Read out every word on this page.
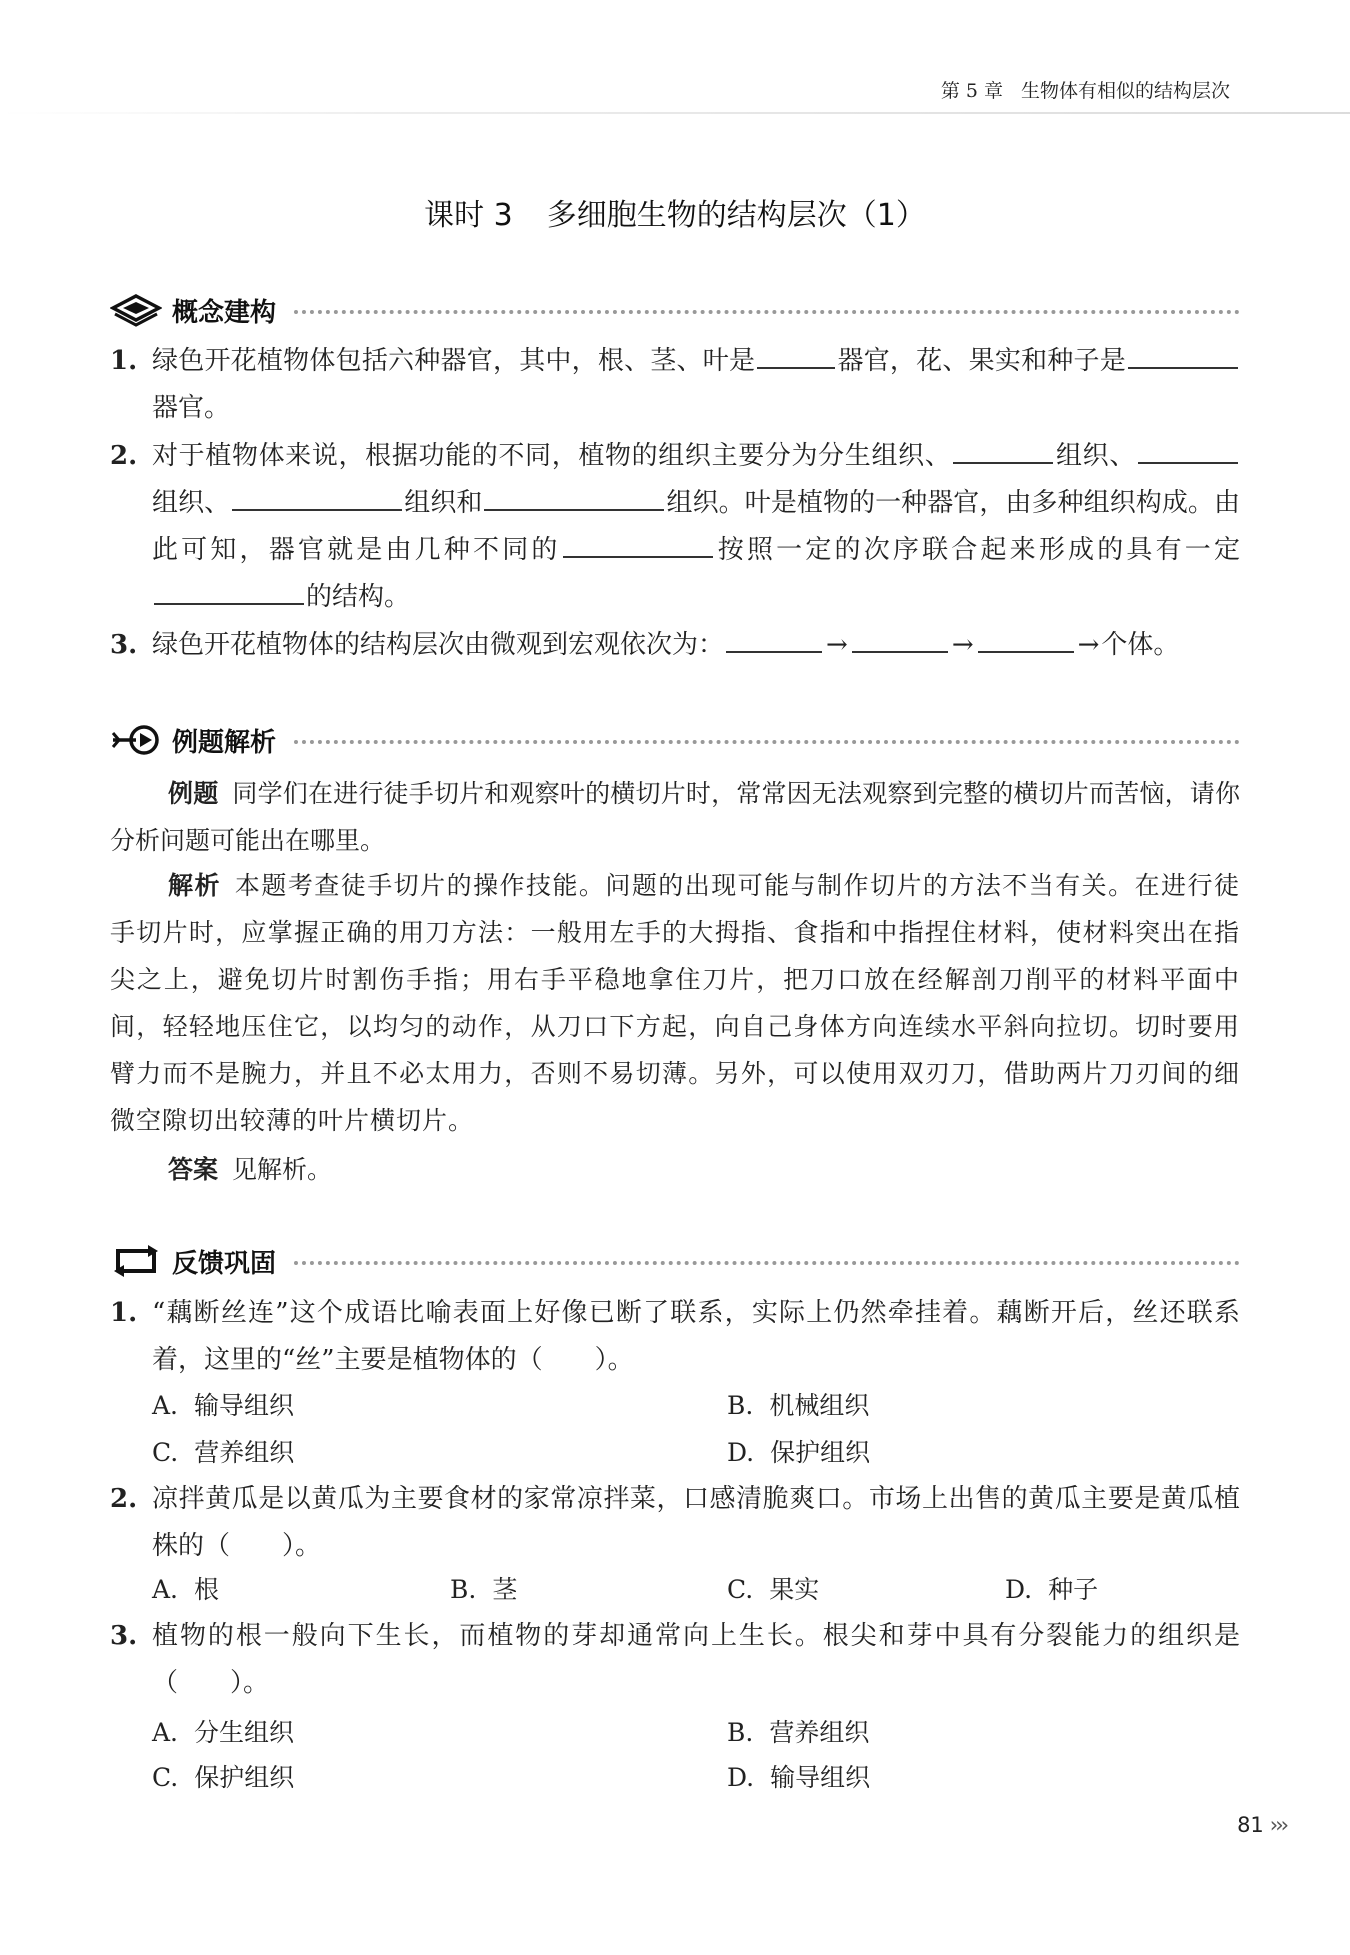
第 5 章 生物体有相似的结构层次
课时 3 多细胞生物的结构层次（1）
概念建构
1. 绿色开花植物体包括六种器官，其中，根、茎、叶是	器官，花、果实和种子是器官。
2. 对于植物体来说，根据功能的不同，植物的组织主要分为分生组织、	组织、组织、	组织和	组织。叶是植物的一种器官，由多种组织构成。由此可知，器官就是由几种不同的	按照一定的次序联合起来形成的具有一定的结构。
3. 绿色开花植物体的结构层次由微观到宏观依次为：	→	→	→个体。
例题解析
例题 同学们在进行徒手切片和观察叶的横切片时，常常因无法观察到完整的横切片而苦恼，请你分析问题可能出在哪里。
解析 本题考查徒手切片的操作技能。问题的出现可能与制作切片的方法不当有关。在进行徒手切片时，应掌握正确的用刀方法：一般用左手的大拇指、食指和中指捏住材料，使材料突出在指尖之上，避免切片时割伤手指；用右手平稳地拿住刀片，把刀口放在经解剖刀削平的材料平面中间，轻轻地压住它，以均匀的动作，从刀口下方起，向自己身体方向连续水平斜向拉切。切时要用臂力而不是腕力，并且不必太用力，否则不易切薄。另外，可以使用双刃刀，借助两片刀刃间的细微空隙切出较薄的叶片横切片。
答案 见解析。
反馈巩固
1. “藕断丝连”这个成语比喻表面上好像已断了联系，实际上仍然牵挂着。藕断开后，丝还联系着，这里的“丝”主要是植物体的（　　）。
A. 输导组织	B. 机械组织
C. 营养组织	D. 保护组织
2. 凉拌黄瓜是以黄瓜为主要食材的家常凉拌菜，口感清脆爽口。市场上出售的黄瓜主要是黄瓜植株的（　　）。
A. 根	B. 茎	C. 果实	D. 种子
3. 植物的根一般向下生长，而植物的芽却通常向上生长。根尖和芽中具有分裂能力的组织是（　　）。
A. 分生组织	B. 营养组织
C. 保护组织	D. 输导组织
81 ›››
